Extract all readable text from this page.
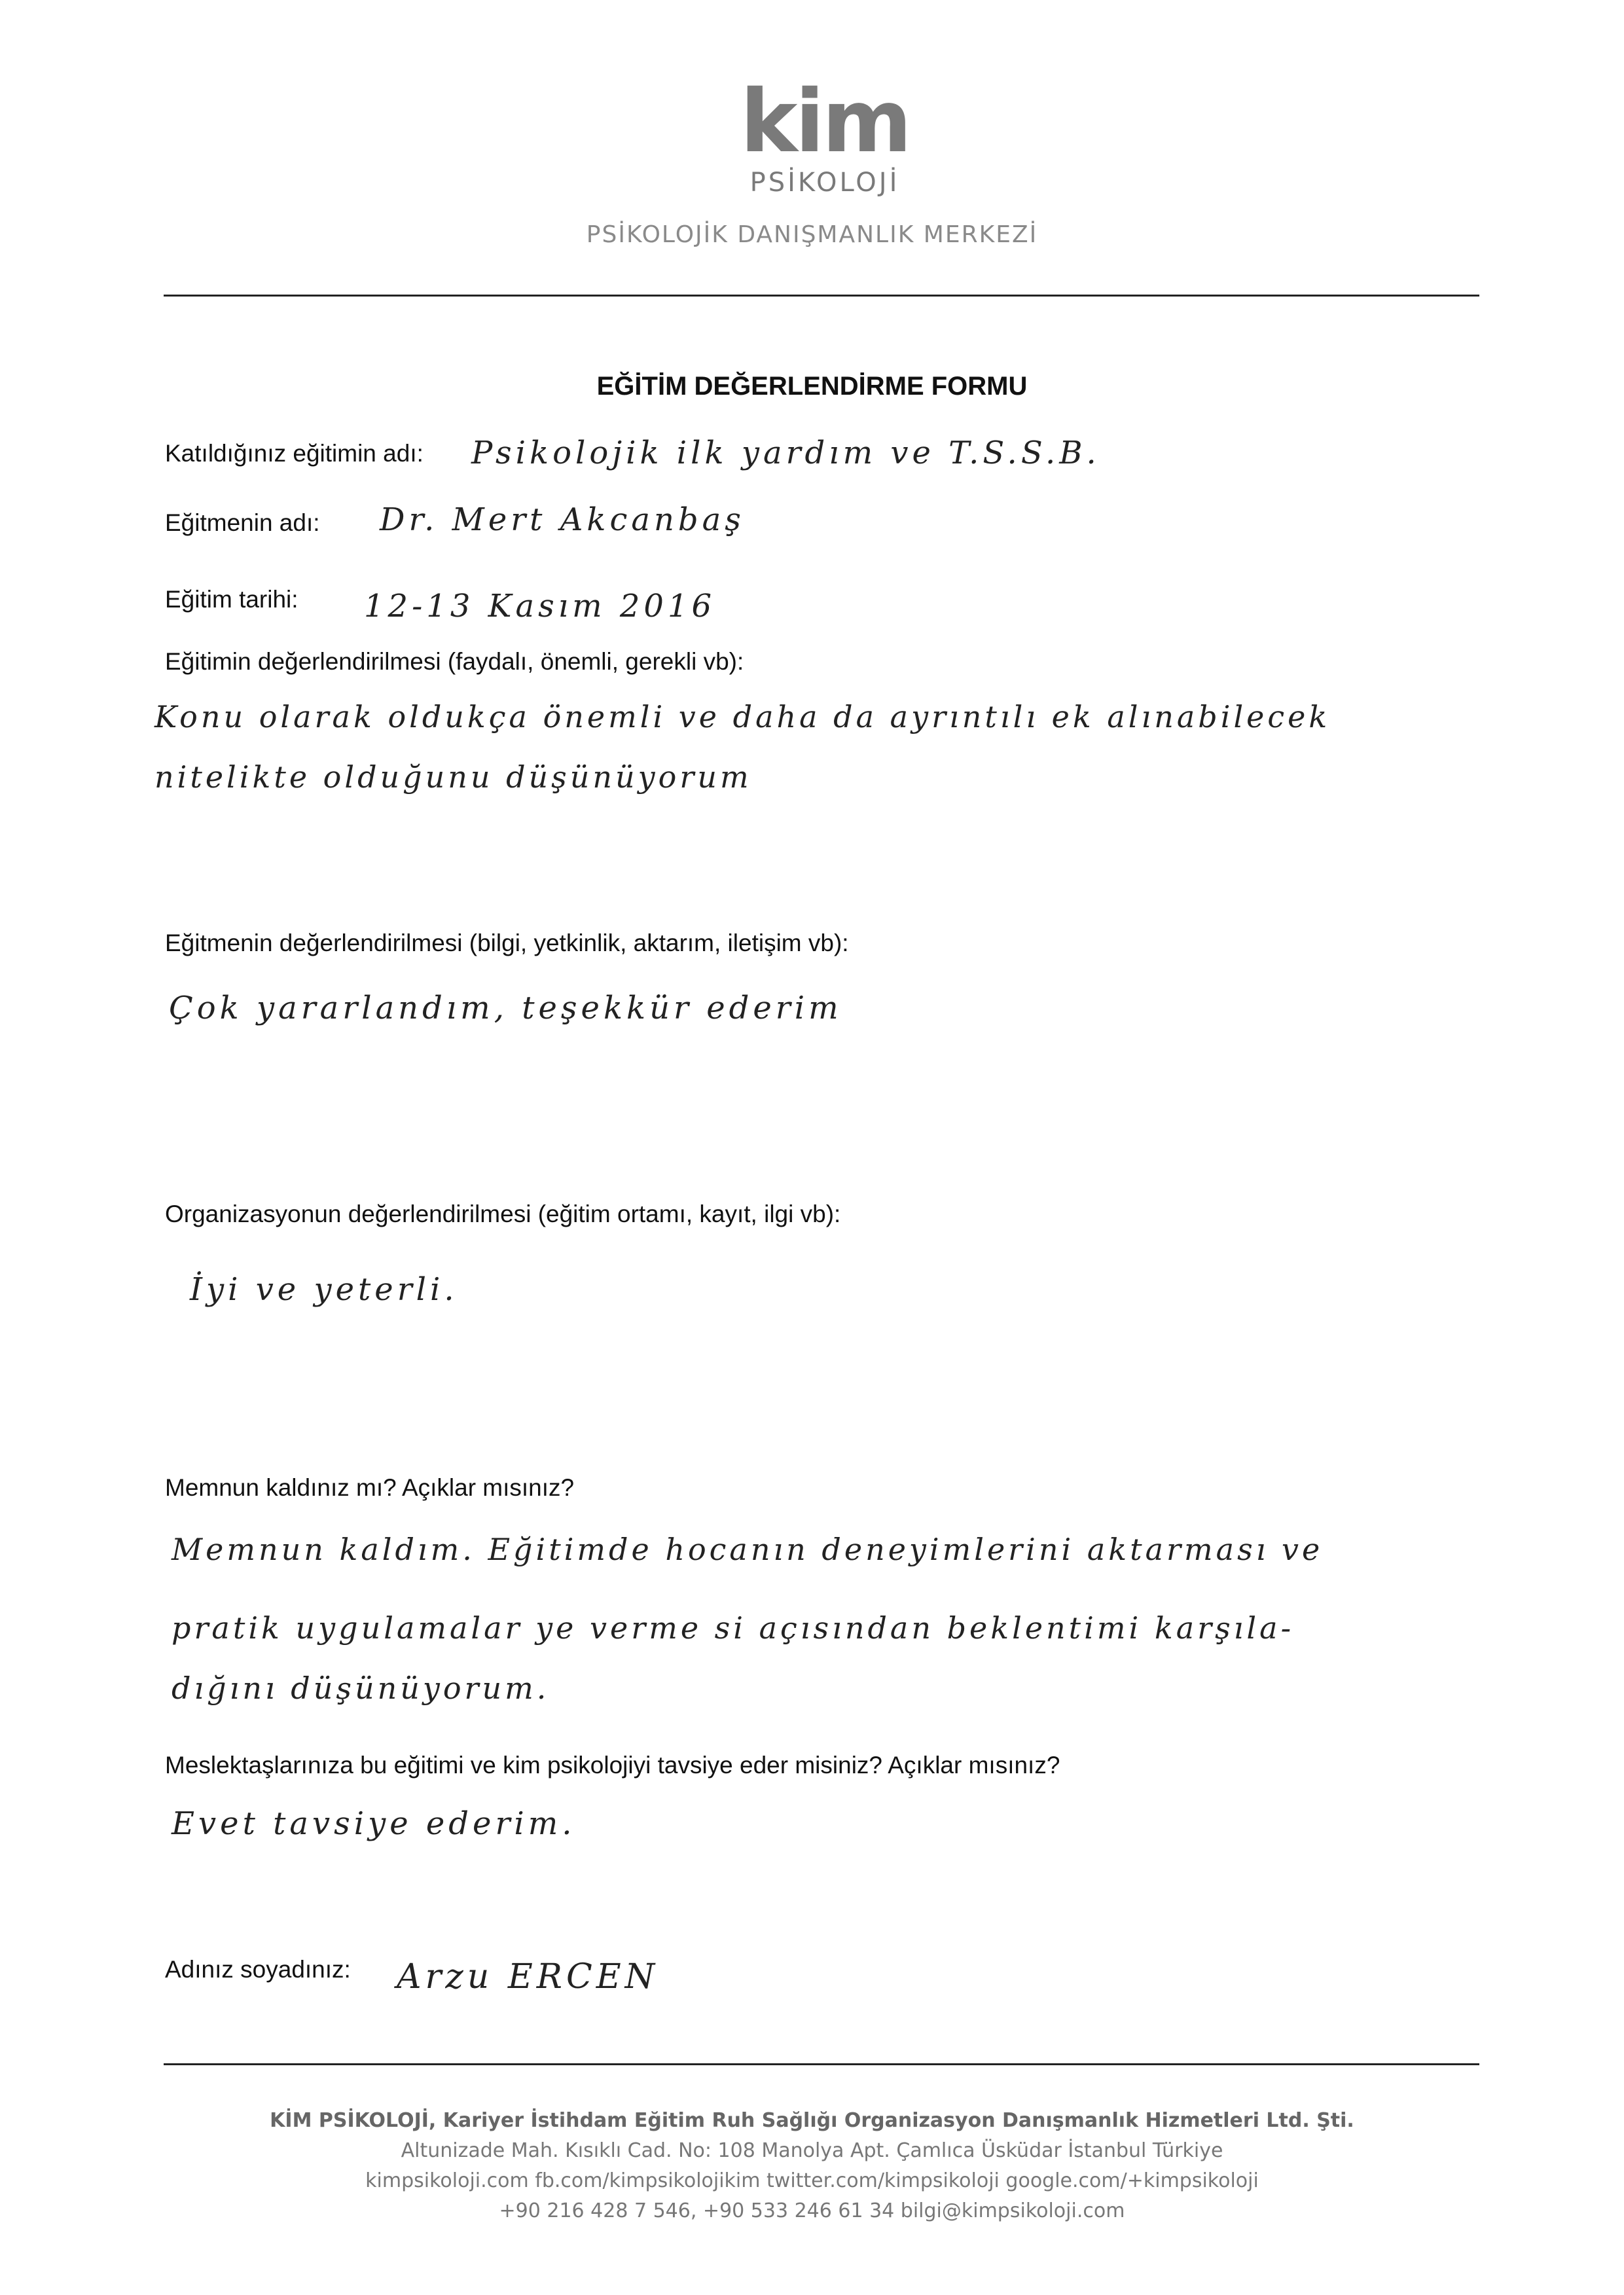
kim
PSİKOLOJİ
PSİKOLOJİK DANIŞMANLIK MERKEZİ
EĞİTİM DEĞERLENDİRME FORMU
Katıldığınız eğitimin adı: Psikolojik ilk yardım ve T.S.S.B.
Eğitmenin adı: Dr. Mert Akcanbaş
Eğitim tarihi: 12-13 Kasım 2016
Eğitimin değerlendirilmesi (faydalı, önemli, gerekli vb):
Konu olarak oldukça önemli ve daha da ayrıntılı ek alınabilecek
nitelikte olduğunu düşünüyorum
Eğitmenin değerlendirilmesi (bilgi, yetkinlik, aktarım, iletişim vb):
Çok yararlandım, teşekkür ederim
Organizasyonun değerlendirilmesi (eğitim ortamı, kayıt, ilgi vb):
İyi ve yeterli.
Memnun kaldınız mı? Açıklar mısınız?
Memnun kaldım. Eğitimde hocanın deneyimlerini aktarması ve
pratik uygulamalar ye verme si açısından beklentimi karşıla-
dığını düşünüyorum.
Meslektaşlarınıza bu eğitimi ve kim psikolojiyi tavsiye eder misiniz? Açıklar mısınız?
Evet tavsiye ederim.
Adınız soyadınız: Arzu ERCEN
KİM PSİKOLOJİ, Kariyer İstihdam Eğitim Ruh Sağlığı Organizasyon Danışmanlık Hizmetleri Ltd. Şti.
Altunizade Mah. Kısıklı Cad. No: 108 Manolya Apt. Çamlıca Üsküdar İstanbul Türkiye
kimpsikoloji.com fb.com/kimpsikolojikim twitter.com/kimpsikoloji google.com/+kimpsikoloji
+90 216 428 7 546, +90 533 246 61 34 bilgi@kimpsikoloji.com
